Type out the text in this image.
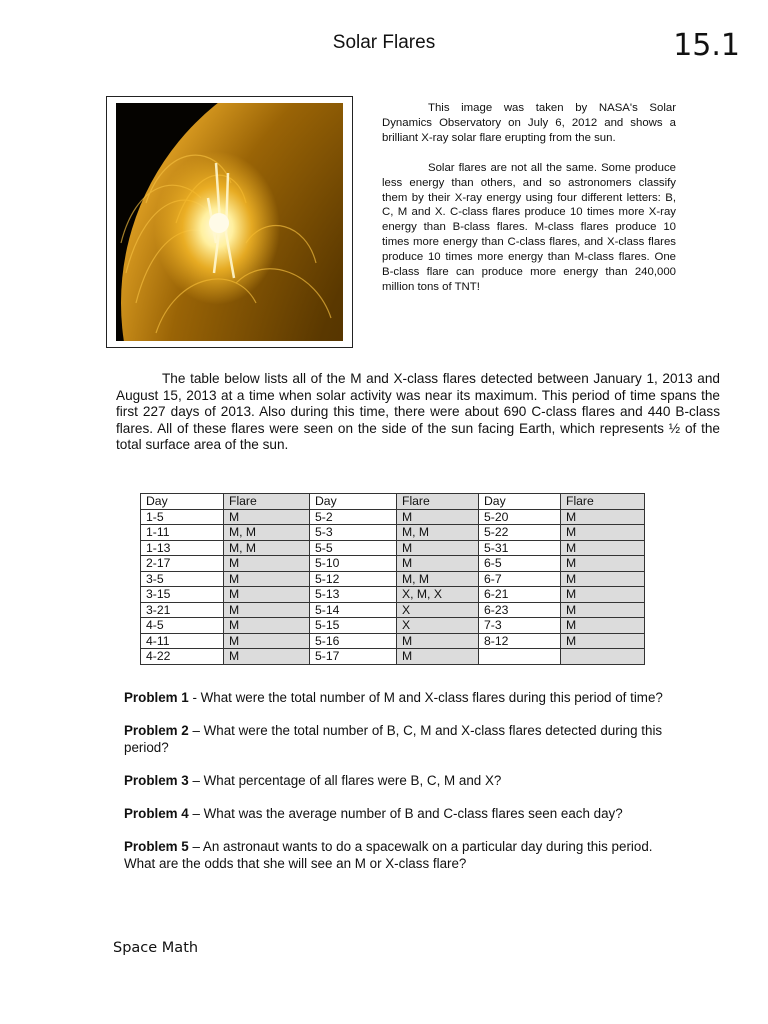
Solar Flares	15.1

This image was taken by NASA's Solar Dynamics Observatory on July 6, 2012 and shows a brilliant X-ray solar flare erupting from the sun.

Solar flares are not all the same. Some produce less energy than others, and so astronomers classify them by their X-ray energy using four different letters: B, C, M and X. C-class flares produce 10 times more X-ray energy than B-class flares. M-class flares produce 10 times more energy than C-class flares, and X-class flares produce 10 times more energy than M-class flares. One B-class flare can produce more energy than 240,000 million tons of TNT!

The table below lists all of the M and X-class flares detected between January 1, 2013 and August 15, 2013 at a time when solar activity was near its maximum. This period of time spans the first 227 days of 2013. Also during this time, there were about 690 C-class flares and 440 B-class flares. All of these flares were seen on the side of the sun facing Earth, which represents ½ of the total surface area of the sun.

Day	Flare	Day	Flare	Day	Flare
1-5	M	5-2	M	5-20	M
1-11	M, M	5-3	M, M	5-22	M
1-13	M, M	5-5	M	5-31	M
2-17	M	5-10	M	6-5	M
3-5	M	5-12	M, M	6-7	M
3-15	M	5-13	X, M, X	6-21	M
3-21	M	5-14	X	6-23	M
4-5	M	5-15	X	7-3	M
4-11	M	5-16	M	8-12	M
4-22	M	5-17	M		

Problem 1 - What were the total number of M and X-class flares during this period of time?

Problem 2 – What were the total number of B, C, M and X-class flares detected during this period?

Problem 3 – What percentage of all flares were B, C, M and X?

Problem 4 – What was the average number of B and C-class flares seen each day?

Problem 5 – An astronaut wants to do a spacewalk on a particular day during this period. What are the odds that she will see an M or X-class flare?

Space Math
